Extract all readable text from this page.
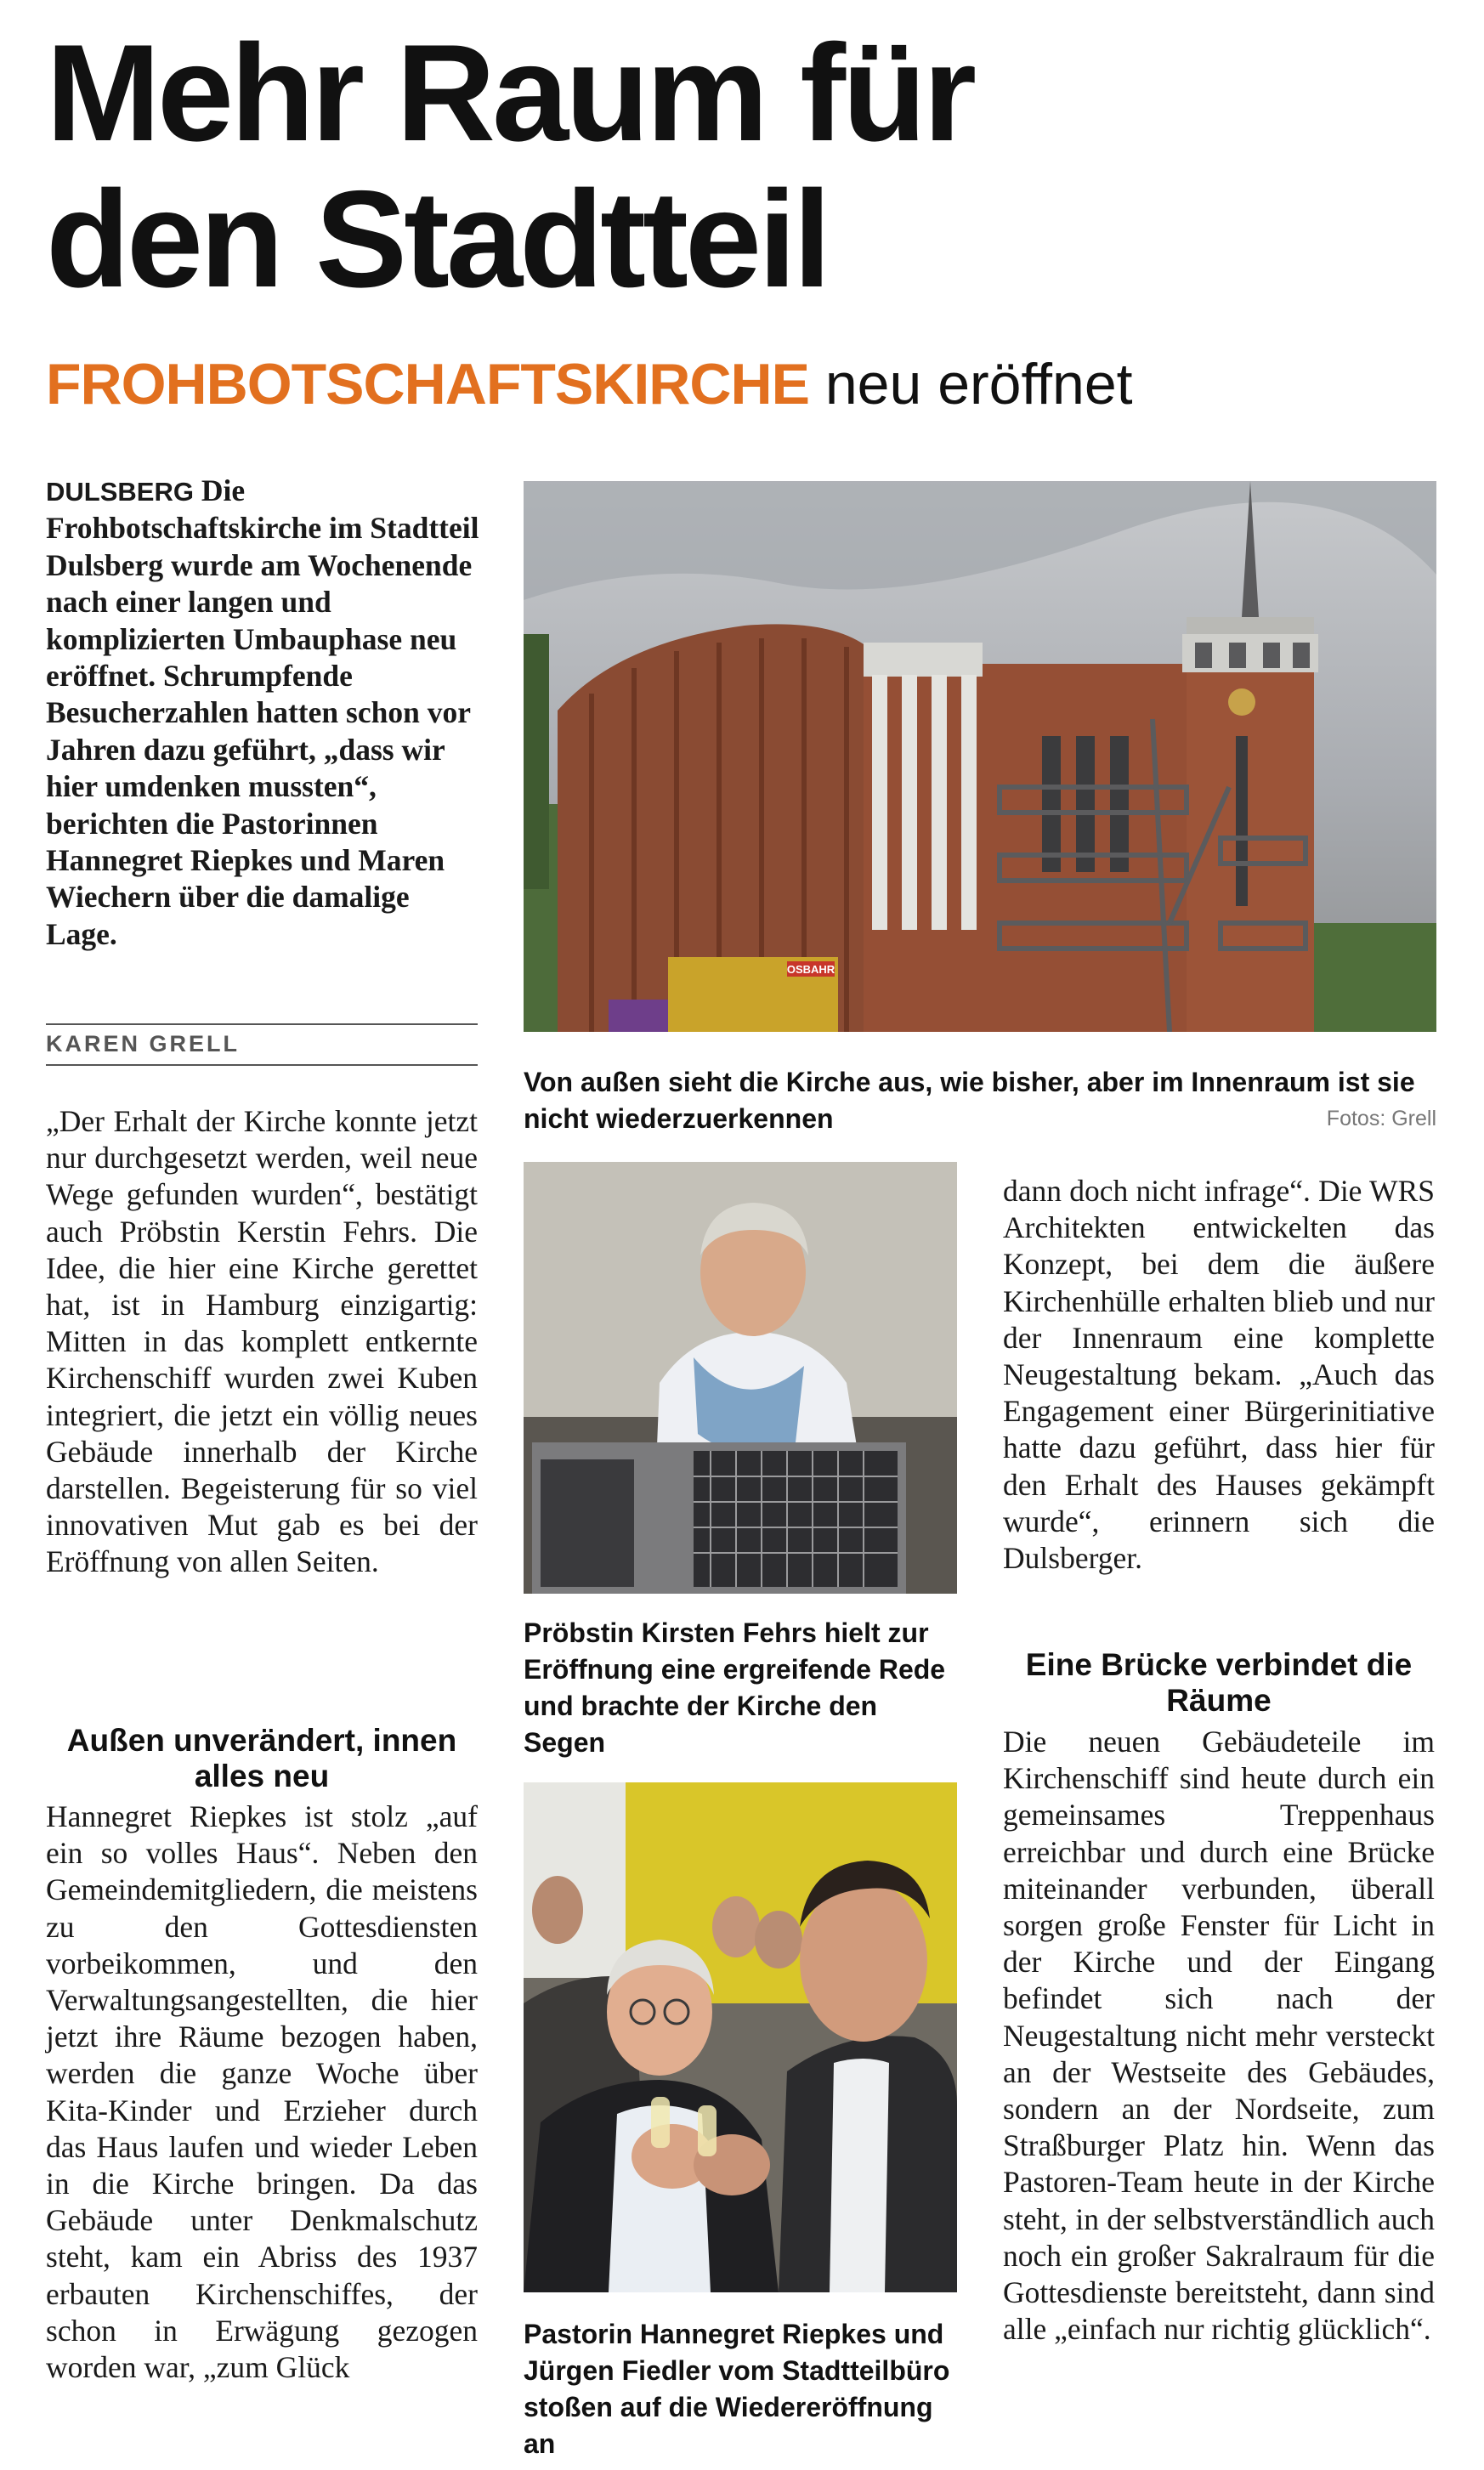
Mehr Raum für
den Stadtteil
FROHBOTSCHAFTSKIRCHE neu eröffnet
DULSBERG Die Frohbotschaftskirche im Stadtteil Dulsberg wurde am Wochenende nach einer langen und komplizierten Umbauphase neu eröffnet. Schrumpfende Besucherzahlen hatten schon vor Jahren dazu geführt, „dass wir hier umdenken mussten“, berichten die Pastorinnen Hannegret Riepkes und Maren Wiechern über die damalige Lage.
KAREN GRELL

„Der Erhalt der Kirche konnte jetzt nur durchgesetzt werden, weil neue Wege gefunden wurden“, bestätigt auch Pröbstin Kerstin Fehrs. Die Idee, die hier eine Kirche gerettet hat, ist in Hamburg einzigartig: Mitten in das komplett entkernte Kirchenschiff wurden zwei Kuben integriert, die jetzt ein völlig neues Gebäude innerhalb der Kirche darstellen. Begeisterung für so viel innovativen Mut gab es bei der Eröffnung von allen Seiten.

Außen unverändert, innen alles neu

Hannegret Riepkes ist stolz „auf ein so volles Haus“. Neben den Gemeindemitgliedern, die meistens zu den Gottesdiensten vorbeikommen, und den Verwaltungsangestellten, die hier jetzt ihre Räume bezogen haben, werden die ganze Woche über Kita-Kinder und Erzieher durch das Haus laufen und wieder Leben in die Kirche bringen. Da das Gebäude unter Denkmalschutz steht, kam ein Abriss des 1937 erbauten Kirchenschiffes, der schon in Erwägung gezogen worden war, „zum Glück

dann doch nicht infrage“. Die WRS Architekten entwickelten das Konzept, bei dem die äußere Kirchenhülle erhalten blieb und nur der Innenraum eine komplette Neugestaltung bekam. „Auch das Engagement einer Bürgerinitiative hatte dazu geführt, dass hier für den Erhalt des Hauses gekämpft wurde“, erinnern sich die Dulsberger.

Eine Brücke verbindet die Räume

Die neuen Gebäudeteile im Kirchenschiff sind heute durch ein gemeinsames Treppenhaus erreichbar und durch eine Brücke miteinander verbunden, überall sorgen große Fenster für Licht in der Kirche und der Eingang befindet sich nach der Neugestaltung nicht mehr versteckt an der Westseite des Gebäudes, sondern an der Nordseite, zum Straßburger Platz hin. Wenn das Pastoren-Team heute in der Kirche steht, in der selbstverständlich auch noch ein großer Sakralraum für die Gottesdienste bereitsteht, dann sind alle „einfach nur richtig glücklich“.

OSBAHR
Von außen sieht die Kirche aus, wie bisher, aber im Innenraum ist sie nicht wiederzuerkennen	Fotos: Grell
Pröbstin Kirsten Fehrs hielt zur Eröffnung eine ergreifende Rede und brachte der Kirche den Segen
Pastorin Hannegret Riepkes und Jürgen Fiedler vom Stadtteilbüro stoßen auf die Wiedereröffnung an
